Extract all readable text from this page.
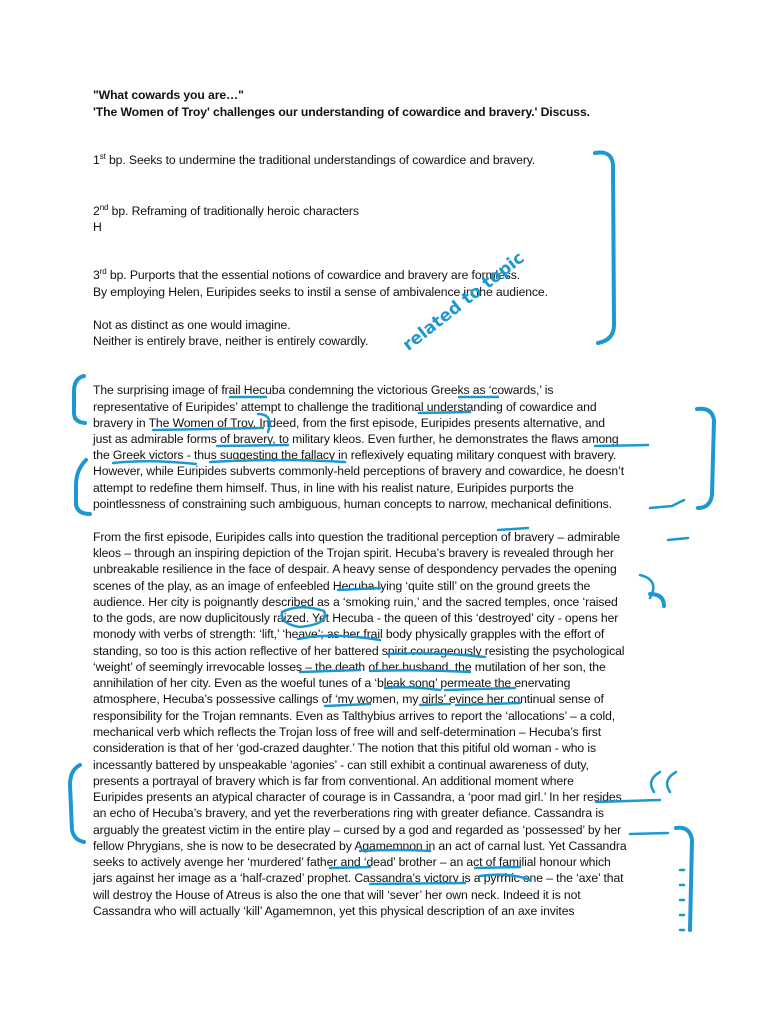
"What cowards you are…"
'The Women of Troy' challenges our understanding of cowardice and bravery.' Discuss.
1st bp. Seeks to undermine the traditional understandings of cowardice and bravery.
2nd bp. Reframing of traditionally heroic characters
H
3rd bp. Purports that the essential notions of cowardice and bravery are formless.
By employing Helen, Euripides seeks to instil a sense of ambivalence in the audience.
Not as distinct as one would imagine.
Neither is entirely brave, neither is entirely cowardly.
The surprising image of frail Hecuba condemning the victorious Greeks as ‘cowards,’ is
representative of Euripides’ attempt to challenge the traditional understanding of cowardice and
bravery in The Women of Troy. Indeed, from the first episode, Euripides presents alternative, and
just as admirable forms of bravery, to military kleos. Even further, he demonstrates the flaws among
the Greek victors - thus suggesting the fallacy in reflexively equating military conquest with bravery.
However, while Euripides subverts commonly-held perceptions of bravery and cowardice, he doesn’t
attempt to redefine them himself. Thus, in line with his realist nature, Euripides purports the
pointlessness of constraining such ambiguous, human concepts to narrow, mechanical definitions.
From the first episode, Euripides calls into question the traditional perception of bravery – admirable
kleos – through an inspiring depiction of the Trojan spirit. Hecuba’s bravery is revealed through her
unbreakable resilience in the face of despair. A heavy sense of despondency pervades the opening
scenes of the play, as an image of enfeebled Hecuba lying ‘quite still’ on the ground greets the
audience. Her city is poignantly described as a ‘smoking ruin,’ and the sacred temples, once ‘raised
to the gods, are now duplicitously raized. Yet Hecuba - the queen of this ‘destroyed’ city - opens her
monody with verbs of strength: ‘lift,’ ‘heave’; as her frail body physically grapples with the effort of
standing, so too is this action reflective of her battered spirit courageously resisting the psychological
‘weight’ of seemingly irrevocable losses – the death of her husband, the mutilation of her son, the
annihilation of her city. Even as the woeful tunes of a ‘bleak song’ permeate the enervating
atmosphere, Hecuba’s possessive callings of ‘my women, my girls’ evince her continual sense of
responsibility for the Trojan remnants. Even as Talthybius arrives to report the ‘allocations’ – a cold,
mechanical verb which reflects the Trojan loss of free will and self-determination – Hecuba’s first
consideration is that of her ‘god-crazed daughter.’ The notion that this pitiful old woman - who is
incessantly battered by unspeakable ‘agonies’ - can still exhibit a continual awareness of duty,
presents a portrayal of bravery which is far from conventional. An additional moment where
Euripides presents an atypical character of courage is in Cassandra, a ‘poor mad girl.’ In her resides
an echo of Hecuba’s bravery, and yet the reverberations ring with greater defiance. Cassandra is
arguably the greatest victim in the entire play – cursed by a god and regarded as ‘possessed’ by her
fellow Phrygians, she is now to be desecrated by Agamemnon in an act of carnal lust. Yet Cassandra
seeks to actively avenge her ‘murdered’ father and ‘dead’ brother – an act of familial honour which
jars against her image as a ‘half-crazed’ prophet. Cassandra’s victory is a pyrrhic one – the ‘axe’ that
will destroy the House of Atreus is also the one that will ‘sever’ her own neck. Indeed it is not
Cassandra who will actually ‘kill’ Agamemnon, yet this physical description of an axe invites
related to topic
